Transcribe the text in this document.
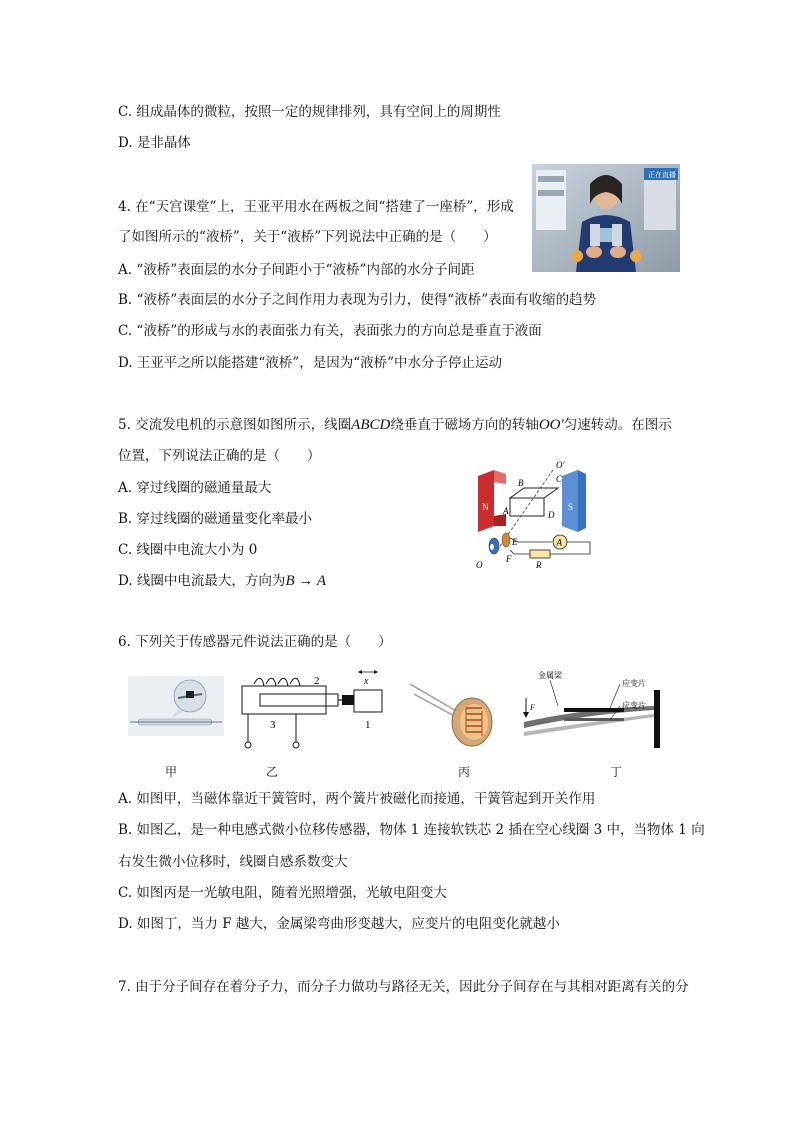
C. 组成晶体的微粒，按照一定的规律排列，具有空间上的周期性
D. 是非晶体
4. 在“天宫课堂”上，王亚平用水在两板之间“搭建了一座桥”，形成
了如图所示的“液桥”，关于“液桥”下列说法中正确的是（　　）
A. “液桥”表面层的水分子间距小于“液桥”内部的水分子间距
B. “液桥”表面层的水分子之间作用力表现为引力，使得“液桥”表面有收缩的趋势
C. “液桥”的形成与水的表面张力有关，表面张力的方向总是垂直于液面
D. 王亚平之所以能搭建“液桥”，是因为“液桥”中水分子停止运动
正在直播
5. 交流发电机的示意图如图所示，线圈ABCD绕垂直于磁场方向的转轴OO′匀速转动。在图示
位置，下列说法正确的是（　　）
A. 穿过线圈的磁通量最大
B. 穿过线圈的磁通量变化率最小
C. 线圈中电流大小为 0
D. 线圈中电流最大，方向为B → A
N	S
O′
C
B
A	D
O
E
F
A
R
6. 下列关于传感器元件说法正确的是（　　）
甲
2
3	1
x
乙	丙
F
金属梁
应变片
应变片
丁
A. 如图甲，当磁体靠近干簧管时，两个簧片被磁化而接通，干簧管起到开关作用
B. 如图乙，是一种电感式微小位移传感器，物体 1 连接软铁芯 2 插在空心线圈 3 中，当物体 1 向
右发生微小位移时，线圈自感系数变大
C. 如图丙是一光敏电阻，随着光照增强，光敏电阻变大
D. 如图丁，当力 F 越大，金属梁弯曲形变越大，应变片的电阻变化就越小
7. 由于分子间存在着分子力，而分子力做功与路径无关，因此分子间存在与其相对距离有关的分
